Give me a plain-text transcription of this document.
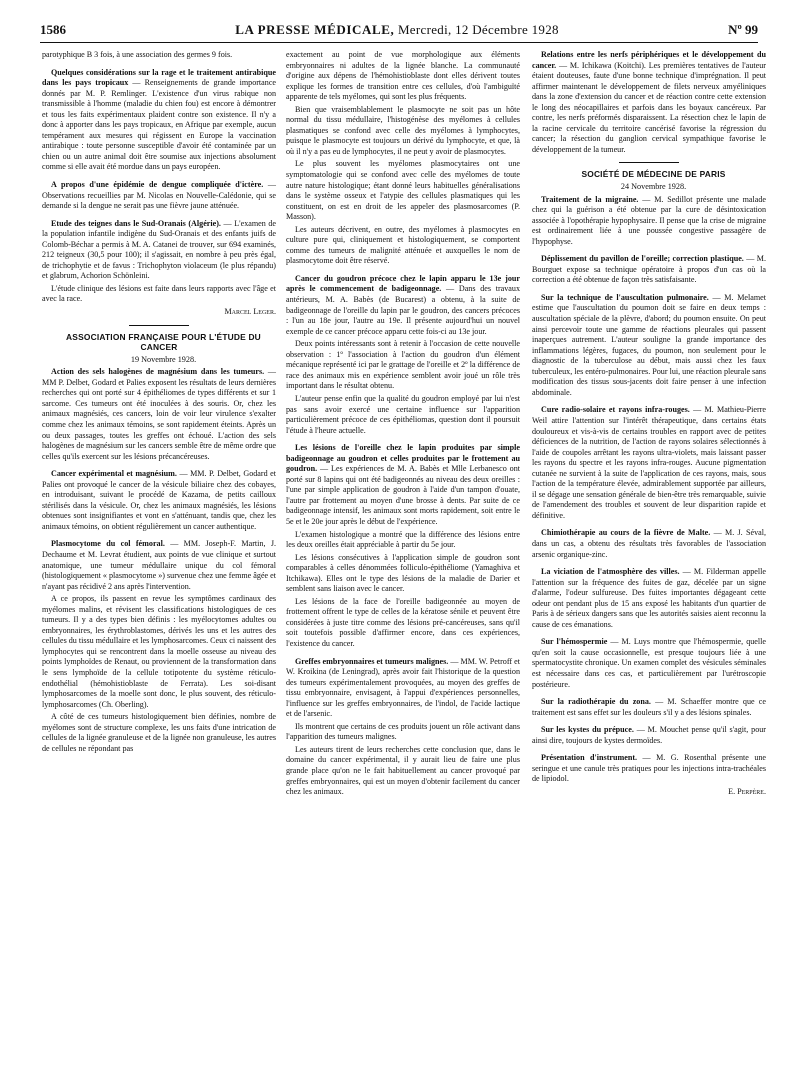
1586	LA PRESSE MÉDICALE, Mercredi, 12 Décembre 1928	Nº 99

parotyphique B 3 fois, à une association des germes 9 fois.

Quelques considérations sur la rage et le traitement antirabique dans les pays tropicaux — Renseignements de grande importance donnés par M. P. Remlinger. L'existence d'un virus rabique non transmissible à l'homme (maladie du chien fou) est encore à démontrer et tous les faits expérimentaux plaident contre son existence. Il n'y a donc à apporter dans les pays tropicaux, en Afrique par exemple, aucun tempérament aux mesures qui régissent en Europe la vaccination antirabique : toute personne susceptible d'avoir été contaminée par un chien ou un autre animal doit être soumise aux injections absolument comme si elle avait été mordue dans un pays européen.

A propos d'une épidémie de dengue compliquée d'ictère. — Observations recueillies par M. Nicolas en Nouvelle-Calédonie, qui se demande si la dengue ne serait pas une fièvre jaune atténuée.

Etude des teignes dans le Sud-Oranais (Algérie). — L'examen de la population infantile indigène du Sud-Oranais et des enfants juifs de Colomb-Béchar a permis à M. A. Catanei de trouver, sur 694 examinés, 212 teigneux (30,5 pour 100); il s'agissait, en nombre à peu près égal, de trichophytie et de favus : Trichophyton violaceum (le plus répandu) et glabrum, Achorion Schönleini.

L'étude clinique des lésions est faite dans leurs rapports avec l'âge et avec la race.

Marcel Leger.

ASSOCIATION FRANÇAISE POUR L'ÉTUDE DU CANCER

19 Novembre 1928.

Action des sels halogènes de magnésium dans les tumeurs. — MM P. Delbet, Godard et Palies exposent les résultats de leurs dernières recherches qui ont porté sur 4 épithéliomes de types différents et sur 1 sarcome. Ces tumeurs ont été inoculées à des souris. Or, chez les animaux magnésiés, ces cancers, loin de voir leur virulence s'exalter comme chez les animaux témoins, se sont rapidement éteints. Après un ou deux passages, toutes les greffes ont échoué. L'action des sels halogènes de magnésium sur les cancers semble être de même ordre que celles qu'ils exercent sur les lésions précancéreuses.

Cancer expérimental et magnésium. — MM. P. Delbet, Godard et Palies ont provoqué le cancer de la vésicule biliaire chez des cobayes, en introduisant, suivant le procédé de Kazama, de petits cailloux stérilisés dans la vésicule. Or, chez les animaux magnésiés, les lésions obtenues sont insignifiantes et vont en s'atténuant, tandis que, chez les animaux témoins, on obtient régulièrement un cancer authentique.

Plasmocytome du col fémoral. — MM. Joseph-F. Martin, J. Dechaume et M. Levrat étudient, aux points de vue clinique et surtout anatomique, une tumeur médullaire unique du col fémoral (histologiquement « plasmocytome ») survenue chez une femme âgée et n'ayant pas récidivé 2 ans après l'intervention.

A ce propos, ils passent en revue les symptômes cardinaux des myélomes malins, et révisent les classifications histologiques de ces tumeurs. Il y a des types bien définis : les myélocytomes adultes ou embryonnaires, les érythroblastomes, dérivés les uns et les autres des cellules du tissu médullaire et les lymphosarcomes. Ceux ci naissent des lymphocytes qui se rencontrent dans la moelle osseuse au niveau des points lymphoïdes de Renaut, ou proviennent de la transformation dans le sens lymphoïde de la cellule totipotente du système réticulo-endothélial (hémohistioblaste de Ferrata). Les soi-disant lymphosarcomes de la moelle sont donc, le plus souvent, des réticulo-lymphosarcomes (Ch. Oberling).

A côté de ces tumeurs histologiquement bien définies, nombre de myélomes sont de structure complexe, les uns faits d'une intrication de cellules de la lignée granuleuse et de la lignée non granuleuse, les autres de cellules ne répondant pas

exactement au point de vue morphologique aux éléments embryonnaires ni adultes de la lignée blanche. La communauté d'origine aux dépens de l'hémohistioblaste dont elles dérivent toutes explique les formes de transition entre ces cellules, d'où l'ambiguïté apparente de tels myélomes, qui sont les plus fréquents.

Bien que vraisemblablement le plasmocyte ne soit pas un hôte normal du tissu médullaire, l'histogénèse des myélomes à cellules plasmatiques se confond avec celle des myélomes à lymphocytes, puisque le plasmocyte est toujours un dérivé du lymphocyte, et que, là où il n'y a pas eu de lymphocytes, il ne peut y avoir de plasmocytes.

Le plus souvent les myélomes plasmocytaires ont une symptomatologie qui se confond avec celle des myélomes de toute autre nature histologique; étant donné leurs habituelles généralisations dans le système osseux et l'atypie des cellules plasmatiques qui les constituent, on est en droit de les appeler des plasmosarcomes (P. Masson).

Les auteurs décrivent, en outre, des myélomes à plasmocytes en culture pure qui, cliniquement et histologiquement, se comportent comme des tumeurs de malignité atténuée et auxquelles le nom de plasmocytome doit être réservé.

Cancer du goudron précoce chez le lapin apparu le 13e jour après le commencement de badigeonnage. — Dans des travaux antérieurs, M. A. Babès (de Bucarest) a obtenu, à la suite de badigeonnage de l'oreille du lapin par le goudron, des cancers précoces : l'un au 18e jour, l'autre au 19e. Il présente aujourd'hui un nouvel exemple de ce cancer précoce apparu cette fois-ci au 13e jour.

Deux points intéressants sont à retenir à l'occasion de cette nouvelle observation : 1º l'association à l'action du goudron d'un élément mécanique représenté ici par le grattage de l'oreille et 2º la différence de race des animaux mis en expérience semblent avoir joué un rôle très important dans le résultat obtenu.

L'auteur pense enfin que la qualité du goudron employé par lui n'est pas sans avoir exercé une certaine influence sur l'apparition particulièrement précoce de ces épithéliomas, question dont il poursuit l'étude à l'heure actuelle.

Les lésions de l'oreille chez le lapin produites par simple badigeonnage au goudron et celles produites par le frottement au goudron. — Les expériences de M. A. Babès et Mlle Lerbanesco ont porté sur 8 lapins qui ont été badigeonnés au niveau des deux oreilles : l'une par simple application de goudron à l'aide d'un tampon d'ouate, l'autre par frottement au moyen d'une brosse à dents. Par suite de ce badigeonnage intensif, les animaux sont morts rapidement, soit entre le 5e et le 20e jour après le début de l'expérience.

L'examen histologique a montré que la différence des lésions entre les deux oreilles était appréciable à partir du 5e jour.

Les lésions consécutives à l'application simple de goudron sont comparables à celles dénommées folliculo-épithéliome (Yamaghiva et Itchikawa). Elles ont le type des lésions de la maladie de Darier et semblent sans liaison avec le cancer.

Les lésions de la face de l'oreille badigeonnée au moyen de frottement offrent le type de celles de la kératose sénile et peuvent être considérées à juste titre comme des lésions pré-cancéreuses, sans qu'il soit toutefois possible d'affirmer encore, dans ces expériences, l'existence du cancer.

Greffes embryonnaires et tumeurs malignes. — MM. W. Petroff et W. Kroikina (de Leningrad), après avoir fait l'historique de la question des tumeurs expérimentalement provoquées, au moyen des greffes de tissu embryonnaire, envisagent, à l'appui d'expériences personnelles, l'influence sur les greffes embryonnaires, de l'indol, de l'acide lactique et de l'arsenic.

Ils montrent que certains de ces produits jouent un rôle activant dans l'apparition des tumeurs malignes.

Les auteurs tirent de leurs recherches cette conclusion que, dans le domaine du cancer expérimental, il y aurait lieu de faire une plus grande place qu'on ne le fait habituellement au cancer provoqué par greffes embryonnaires, qui est un moyen d'obtenir facilement du cancer chez les animaux.

Relations entre les nerfs périphériques et le développement du cancer. — M. Ichikawa (Koitchi). Les premières tentatives de l'auteur étaient douteuses, faute d'une bonne technique d'imprégnation. Il peut affirmer maintenant le développement de filets nerveux amyéliniques dans la zone d'extension du cancer et de réaction contre cette extension le long des néocapillaires et parfois dans les boyaux cancéreux. Par contre, les nerfs préformés disparaissent. La résection chez le lapin de la racine cervicale du territoire cancérisé favorise la régression du cancer; la résection du ganglion cervical sympathique favorise le développement de la tumeur.

SOCIÉTÉ DE MÉDECINE DE PARIS

24 Novembre 1928.

Traitement de la migraine. — M. Sedillot présente une malade chez qui la guérison a été obtenue par la cure de désintoxication associée à l'opothérapie hypophysaire. Il pense que la crise de migraine est ordinairement liée à une poussée congestive passagère de l'hypophyse.

Déplissement du pavillon de l'oreille; correction plastique. — M. Bourguet expose sa technique opératoire à propos d'un cas où la correction a été obtenue de façon très satisfaisante.

Sur la technique de l'auscultation pulmonaire. — M. Melamet estime que l'auscultation du poumon doit se faire en deux temps : auscultation spéciale de la plèvre, d'abord; du poumon ensuite. On peut ainsi percevoir toute une gamme de réactions pleurales qui passent inaperçues autrement. L'auteur souligne la grande importance des inflammations légères, fugaces, du poumon, non seulement pour le diagnostic de la tuberculose au début, mais aussi chez les faux tuberculeux, les entéro-pulmonaires. Pour lui, une réaction pleurale sans modification des tissus sous-jacents doit faire penser à une infection abdominale.

Cure radio-solaire et rayons infra-rouges. — M. Mathieu-Pierre Weil attire l'attention sur l'intérêt thérapeutique, dans certains états douloureux et vis-à-vis de certains troubles en rapport avec de petites déficiences de la nutrition, de l'action de rayons solaires sélectionnés à l'aide de coupoles arrêtant les rayons ultra-violets, mais laissant passer les rayons du spectre et les rayons infra-rouges. Aucune pigmentation cutanée ne survient à la suite de l'application de ces rayons, mais, sous l'action de la température élevée, admirablement supportée par ailleurs, il se dégage une sensation générale de bien-être très remarquable, suivie de l'amendement des troubles et souvent de leur disparition rapide et définitive.

Chimiothérapie au cours de la fièvre de Malte. — M. J. Séval, dans un cas, a obtenu des résultats très favorables de l'association arsenic organique-zinc.

La viciation de l'atmosphère des villes. — M. Filderman appelle l'attention sur la fréquence des fuites de gaz, décelée par un signe d'alarme, l'odeur sulfureuse. Des fuites importantes dégageant cette odeur ont pendant plus de 15 ans exposé les habitants d'un quartier de Paris à de sérieux dangers sans que les autorités saisies aient reconnu la cause de ces émanations.

Sur l'hémospermie — M. Luys montre que l'hémospermie, quelle qu'en soit la cause occasionnelle, est presque toujours liée à une spermatocystite chronique. Un examen complet des vésicules séminales est nécessaire dans ces cas, et particulièrement par l'urétroscopie postérieure.

Sur la radiothérapie du zona. — M. Schaeffer montre que ce traitement est sans effet sur les douleurs s'il y a des lésions spinales.

Sur les kystes du prépuce. — M. Mouchet pense qu'il s'agit, pour ainsi dire, toujours de kystes dermoïdes.

Présentation d'instrument. — M. G. Rosenthal présente une seringue et une canule très pratiques pour les injections intra-trachéales de lipiodol.

E. Perpère.
